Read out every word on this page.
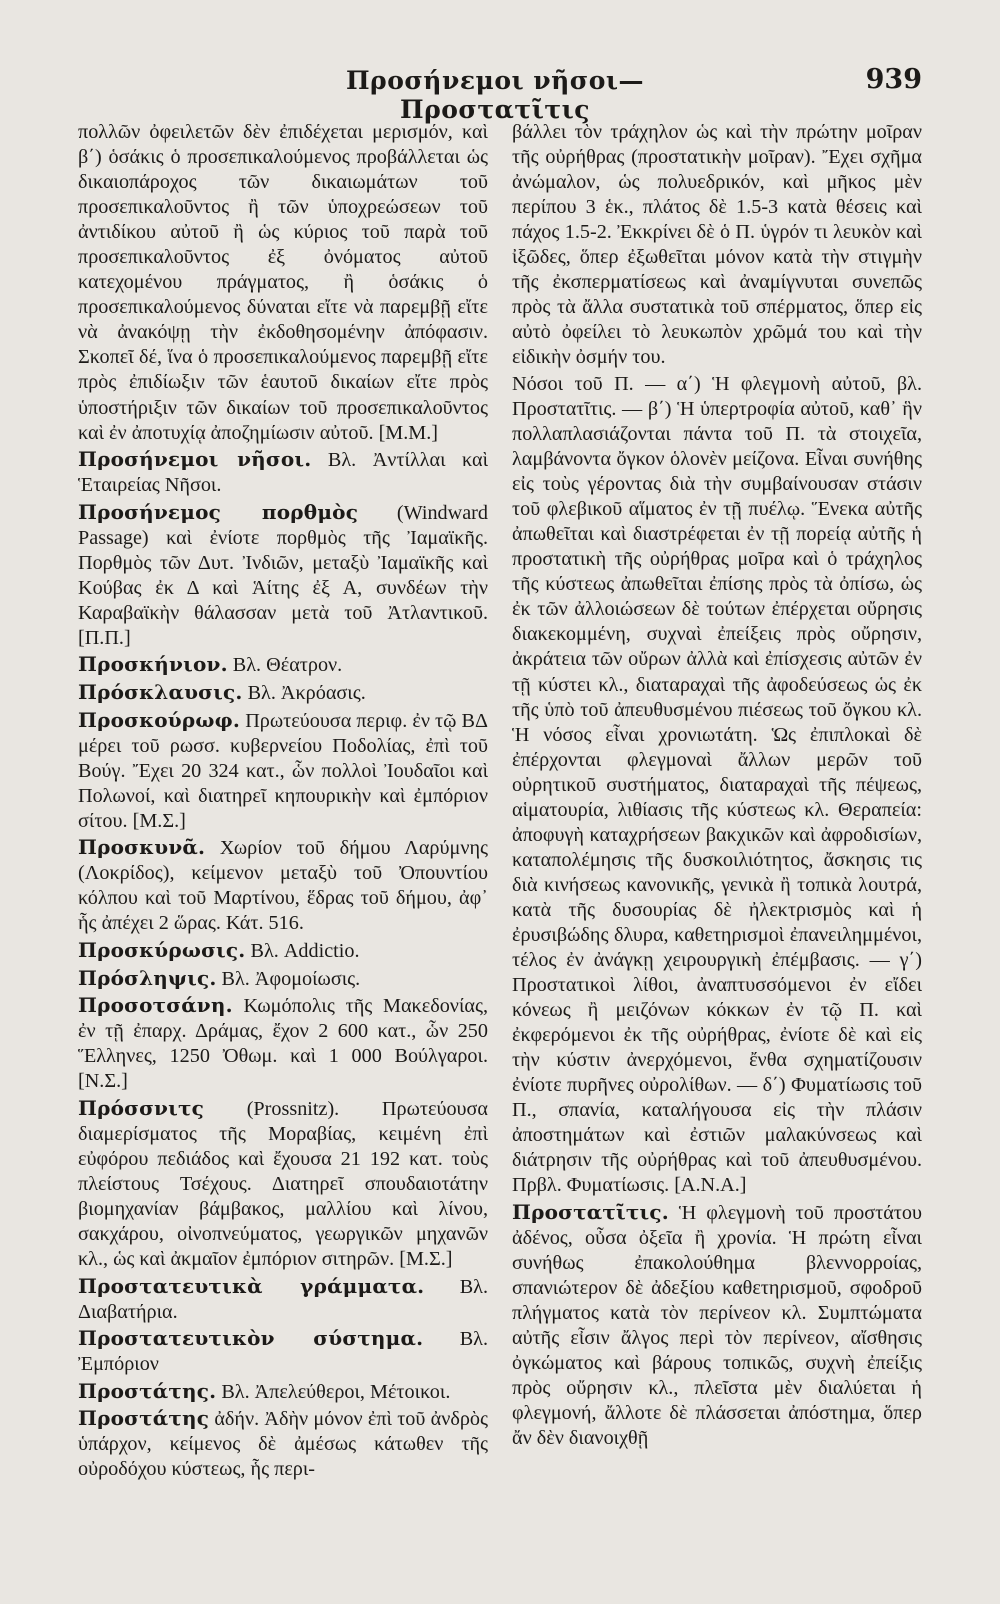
Προσήνεμοι νῆσοι—Προστατῖτις
939

πολλῶν ὀφειλετῶν δὲν ἐπιδέχεται μερισμόν, καὶ β΄) ὁσάκις ὁ προσεπικαλούμενος προβάλλεται ὡς δικαιοπάροχος τῶν δικαιωμάτων τοῦ προσεπικαλοῦντος ἢ τῶν ὑποχρεώσεων τοῦ ἀντιδίκου αὐτοῦ ἢ ὡς κύριος τοῦ παρὰ τοῦ προσεπικαλοῦντος ἐξ ὀνόματος αὐτοῦ κατεχομένου πράγματος, ἢ ὁσάκις ὁ προσεπικαλούμενος δύναται εἴτε νὰ παρεμβῇ εἴτε νὰ ἀνακόψῃ τὴν ἐκδοθησομένην ἀπόφασιν. Σκοπεῖ δέ, ἵνα ὁ προσεπικαλούμενος παρεμβῇ εἴτε πρὸς ἐπιδίωξιν τῶν ἑαυτοῦ δικαίων εἴτε πρὸς ὑποστήριξιν τῶν δικαίων τοῦ προσεπικαλοῦντος καὶ ἐν ἀποτυχίᾳ ἀποζημίωσιν αὐτοῦ. [Μ.Μ.]

Προσήνεμοι νῆσοι. Βλ. Ἀντίλλαι καὶ Ἑταιρείας Νῆσοι.

Προσήνεμος πορθμὸς (Windward Passage) καὶ ἐνίοτε πορθμὸς τῆς Ἰαμαϊκῆς. Πορθμὸς τῶν Δυτ. Ἰνδιῶν, μεταξὺ Ἰαμαϊκῆς καὶ Κούβας ἐκ Δ καὶ Ἁίτης ἐξ Α, συνδέων τὴν Καραβαϊκὴν θάλασσαν μετὰ τοῦ Ἀτλαντικοῦ. [Π.Π.]

Προσκήνιον. Βλ. Θέατρον.

Πρόσκλαυσις. Βλ. Ἀκρόασις.

Προσκούρωφ. Πρωτεύουσα περιφ. ἐν τῷ ΒΔ μέρει τοῦ ρωσσ. κυβερνείου Ποδολίας, ἐπὶ τοῦ Βούγ. Ἔχει 20 324 κατ., ὧν πολλοὶ Ἰουδαῖοι καὶ Πολωνοί, καὶ διατηρεῖ κηπουρικὴν καὶ ἐμπόριον σίτου. [Μ.Σ.]

Προσκυνᾶ. Χωρίον τοῦ δήμου Λαρύμνης (Λοκρίδος), κείμενον μεταξὺ τοῦ Ὀπουντίου κόλπου καὶ τοῦ Μαρτίνου, ἕδρας τοῦ δήμου, ἀφ᾿ ἧς ἀπέχει 2 ὥρας. Κάτ. 516.

Προσκύρωσις. Βλ. Addictio.

Πρόσληψις. Βλ. Ἀφομοίωσις.

Προσοτσάνη. Κωμόπολις τῆς Μακεδονίας, ἐν τῇ ἐπαρχ. Δράμας, ἔχον 2 600 κατ., ὧν 250 Ἕλληνες, 1250 Ὀθωμ. καὶ 1 000 Βούλγαροι. [Ν.Σ.]

Πρόσσνιτς (Prossnitz). Πρωτεύουσα διαμερίσματος τῆς Μοραβίας, κειμένη ἐπὶ εὐφόρου πεδιάδος καὶ ἔχουσα 21 192 κατ. τοὺς πλείστους Τσέχους. Διατηρεῖ σπουδαιοτάτην βιομηχανίαν βάμβακος, μαλλίου καὶ λίνου, σακχάρου, οἰνοπνεύματος, γεωργικῶν μηχανῶν κλ., ὡς καὶ ἀκμαῖον ἐμπόριον σιτηρῶν. [Μ.Σ.]

Προστατευτικὰ γράμματα. Βλ. Διαβατήρια.

Προστατευτικὸν σύστημα. Βλ. Ἐμπόριον

Προστάτης. Βλ. Ἀπελεύθεροι, Μέτοικοι.

Προστάτης ἀδήν. Ἀδὴν μόνον ἐπὶ τοῦ ἀνδρὸς ὑπάρχον, κείμενος δὲ ἀμέσως κάτωθεν τῆς οὐροδόχου κύστεως, ἧς περι-

βάλλει τὸν τράχηλον ὡς καὶ τὴν πρώτην μοῖραν τῆς οὐρήθρας (προστατικὴν μοῖραν). Ἔχει σχῆμα ἀνώμαλον, ὡς πολυεδρικόν, καὶ μῆκος μὲν περίπου 3 ἑκ., πλάτος δὲ 1.5-3 κατὰ θέσεις καὶ πάχος 1.5-2. Ἐκκρίνει δὲ ὁ Π. ὑγρόν τι λευκὸν καὶ ἰξῶδες, ὅπερ ἐξωθεῖται μόνον κατὰ τὴν στιγμὴν τῆς ἐκσπερματίσεως καὶ ἀναμίγνυται συνεπῶς πρὸς τὰ ἄλλα συστατικὰ τοῦ σπέρματος, ὅπερ εἰς αὐτὸ ὀφείλει τὸ λευκωπὸν χρῶμά του καὶ τὴν εἰδικὴν ὀσμήν του.

Νόσοι τοῦ Π. — α΄) Ἡ φλεγμονὴ αὐτοῦ, βλ. Προστατῖτις. — β΄) Ἡ ὑπερτροφία αὐτοῦ, καθ᾿ ἣν πολλαπλασιάζονται πάντα τοῦ Π. τὰ στοιχεῖα, λαμβάνοντα ὄγκον ὁλονὲν μείζονα. Εἶναι συνήθης εἰς τοὺς γέροντας διὰ τὴν συμβαίνουσαν στάσιν τοῦ φλεβικοῦ αἵματος ἐν τῇ πυέλῳ. Ἕνεκα αὐτῆς ἀπωθεῖται καὶ διαστρέφεται ἐν τῇ πορείᾳ αὐτῆς ἡ προστατικὴ τῆς οὐρήθρας μοῖρα καὶ ὁ τράχηλος τῆς κύστεως ἀπωθεῖται ἐπίσης πρὸς τὰ ὀπίσω, ὡς ἐκ τῶν ἀλλοιώσεων δὲ τούτων ἐπέρχεται οὔρησις διακεκομμένη, συχναὶ ἐπείξεις πρὸς οὔρησιν, ἀκράτεια τῶν οὔρων ἀλλὰ καὶ ἐπίσχεσις αὐτῶν ἐν τῇ κύστει κλ., διαταραχαὶ τῆς ἀφοδεύσεως ὡς ἐκ τῆς ὑπὸ τοῦ ἀπευθυσμένου πιέσεως τοῦ ὄγκου κλ. Ἡ νόσος εἶναι χρονιωτάτη. Ὡς ἐπιπλοκαὶ δὲ ἐπέρχονται φλεγμοναὶ ἄλλων μερῶν τοῦ οὐρητικοῦ συστήματος, διαταραχαὶ τῆς πέψεως, αἱματουρία, λιθίασις τῆς κύστεως κλ. Θεραπεία: ἀποφυγὴ καταχρήσεων βακχικῶν καὶ ἀφροδισίων, καταπολέμησις τῆς δυσκοιλιότητος, ἄσκησις τις διὰ κινήσεως κανονικῆς, γενικὰ ἢ τοπικὰ λουτρά, κατὰ τῆς δυσουρίας δὲ ἠλεκτρισμὸς καὶ ἡ ἐρυσιβώδης δλυρα, καθετηρισμοὶ ἐπανειλημμένοι, τέλος ἐν ἀνάγκῃ χειρουργικὴ ἐπέμβασις. — γ΄) Προστατικοὶ λίθοι, ἀναπτυσσόμενοι ἐν εἴδει κόνεως ἢ μειζόνων κόκκων ἐν τῷ Π. καὶ ἐκφερόμενοι ἐκ τῆς οὐρήθρας, ἐνίοτε δὲ καὶ εἰς τὴν κύστιν ἀνερχόμενοι, ἔνθα σχηματίζουσιν ἐνίοτε πυρῆνες οὐρολίθων. — δ΄) Φυματίωσις τοῦ Π., σπανία, καταλήγουσα εἰς τὴν πλάσιν ἀποστημάτων καὶ ἐστιῶν μαλακύνσεως καὶ διάτρησιν τῆς οὐρήθρας καὶ τοῦ ἀπευθυσμένου. Πρβλ. Φυματίωσις. [Α.Ν.Α.]

Προστατῖτις. Ἡ φλεγμονὴ τοῦ προστάτου ἀδένος, οὖσα ὀξεῖα ἢ χρονία. Ἡ πρώτη εἶναι συνήθως ἐπακολούθημα βλεννορροίας, σπανιώτερον δὲ ἀδεξίου καθετηρισμοῦ, σφοδροῦ πλήγματος κατὰ τὸν περίνεον κλ. Συμπτώματα αὐτῆς εἶσιν ἄλγος περὶ τὸν περίνεον, αἴσθησις ὀγκώματος καὶ βάρους τοπικῶς, συχνὴ ἐπείξις πρὸς οὔρησιν κλ., πλεῖστα μὲν διαλύεται ἡ φλεγμονή, ἄλλοτε δὲ πλάσσεται ἀπόστημα, ὅπερ ἄν δὲν διανοιχθῇ
